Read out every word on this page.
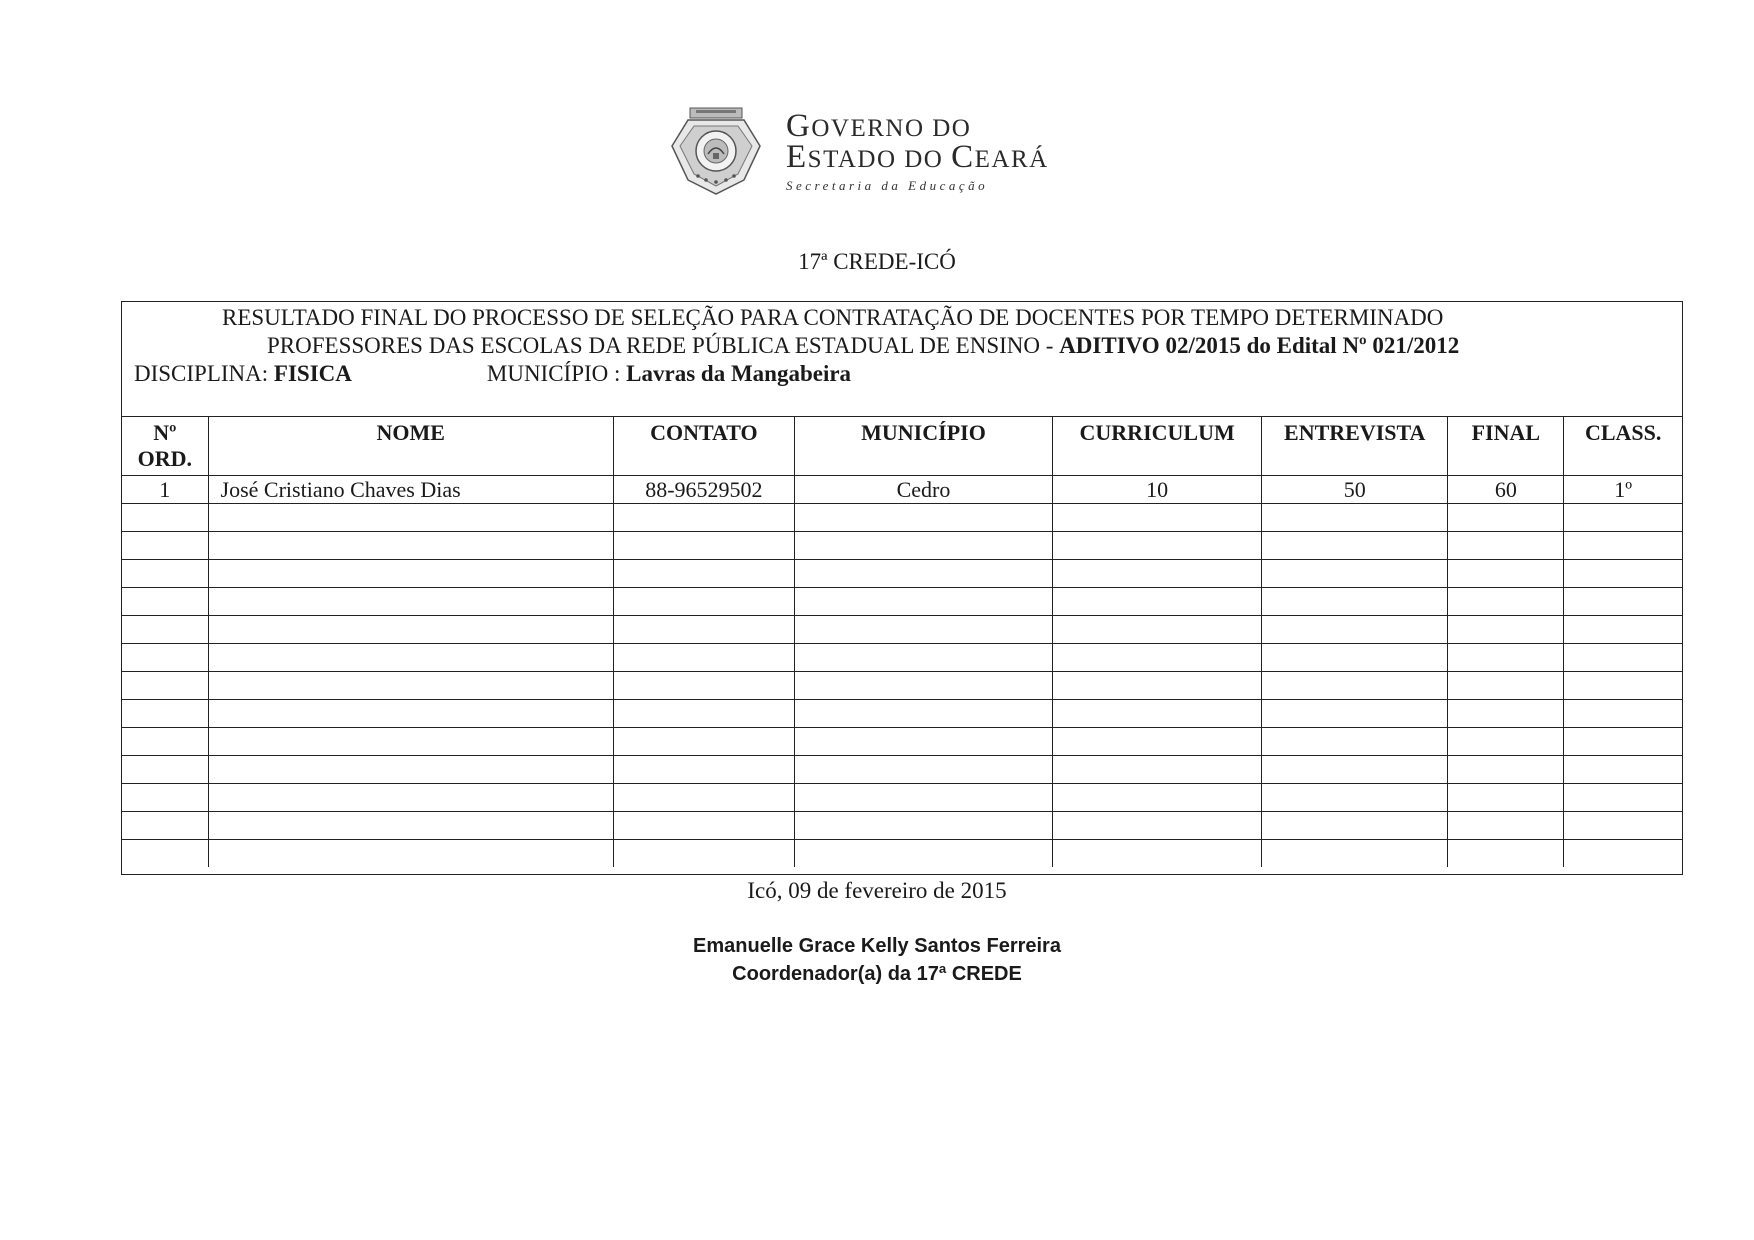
GOVERNO DO
ESTADO DO CEARÁ
Secretaria da Educação
17ª CREDE-ICÓ
RESULTADO FINAL DO PROCESSO DE SELEÇÃO PARA CONTRATAÇÃO DE DOCENTES POR TEMPO DETERMINADO
PROFESSORES DAS ESCOLAS DA REDE PÚBLICA ESTADUAL DE ENSINO - ADITIVO 02/2015 do Edital Nº 021/2012
DISCIPLINA: FISICA	MUNICÍPIO : Lavras da Mangabeira
Nº
ORD.	NOME	CONTATO	MUNICÍPIO	CURRICULUM	ENTREVISTA	FINAL	CLASS.
1	José Cristiano Chaves Dias	88-96529502	Cedro	10	50	60	1º

Icó, 09 de fevereiro de 2015
Emanuelle Grace Kelly Santos Ferreira
Coordenador(a) da 17ª CREDE
